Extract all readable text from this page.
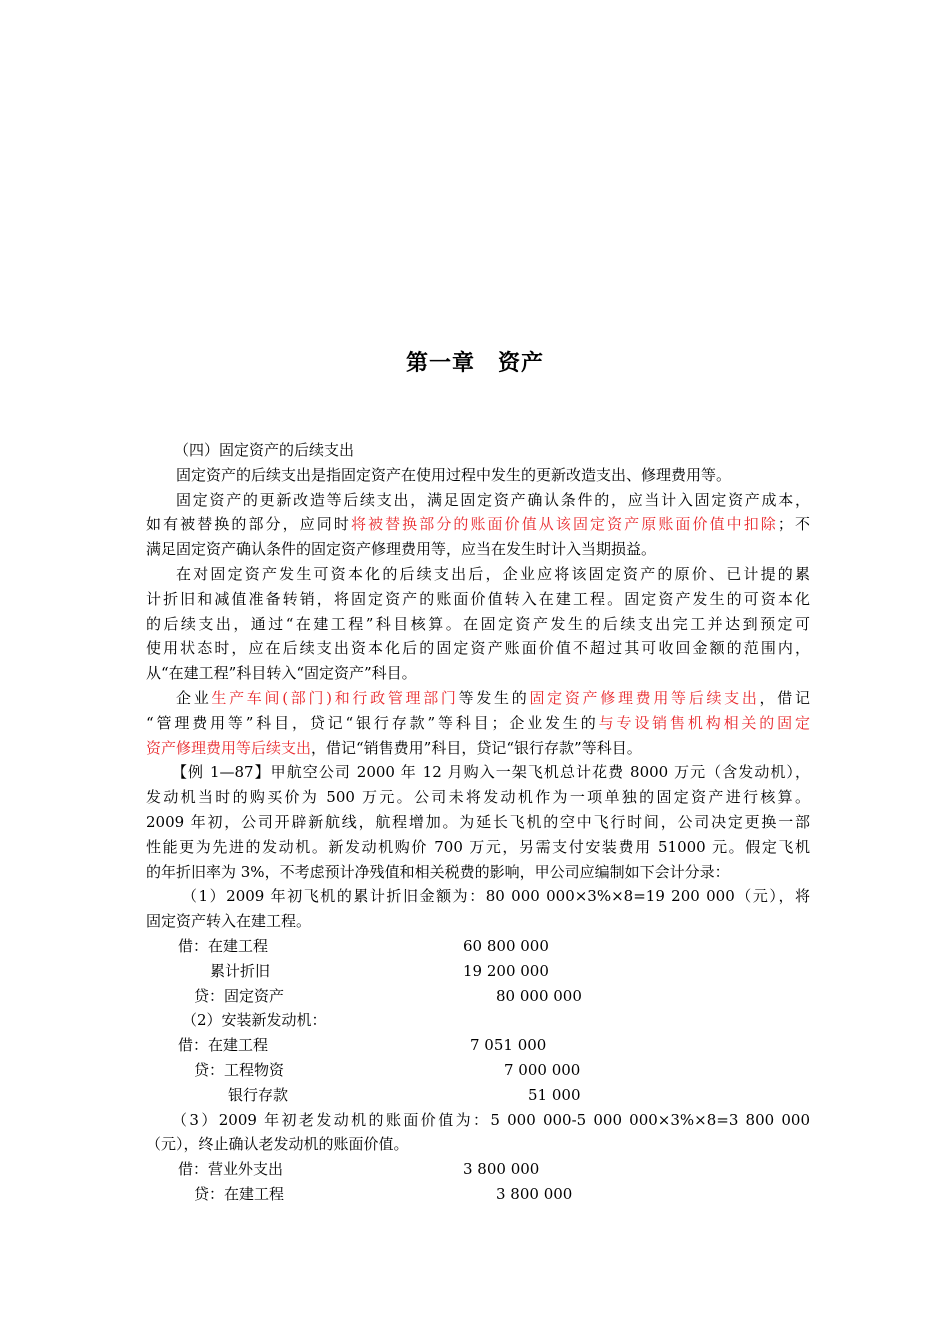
第一章　资产
（四）固定资产的后续支出
固定资产的后续支出是指固定资产在使用过程中发生的更新改造支出、修理费用等。
固定资产的更新改造等后续支出，满足固定资产确认条件的，应当计入固定资产成本，
如有被替换的部分，应同时将被替换部分的账面价值从该固定资产原账面价值中扣除；不
满足固定资产确认条件的固定资产修理费用等，应当在发生时计入当期损益。
在对固定资产发生可资本化的后续支出后，企业应将该固定资产的原价、已计提的累
计折旧和减值准备转销，将固定资产的账面价值转入在建工程。固定资产发生的可资本化
的后续支出，通过“在建工程”科目核算。在固定资产发生的后续支出完工并达到预定可
使用状态时，应在后续支出资本化后的固定资产账面价值不超过其可收回金额的范围内，
从“在建工程”科目转入“固定资产”科目。
企业生产车间(部门)和行政管理部门等发生的固定资产修理费用等后续支出，借记
“管理费用等”科目，贷记“银行存款”等科目；企业发生的与专设销售机构相关的固定
资产修理费用等后续支出，借记“销售费用”科目，贷记“银行存款”等科目。
【例 1—87】甲航空公司 2000 年 12 月购入一架飞机总计花费 8000 万元（含发动机），
发动机当时的购买价为 500 万元。公司未将发动机作为一项单独的固定资产进行核算。
2009 年初，公司开辟新航线，航程增加。为延长飞机的空中飞行时间，公司决定更换一部
性能更为先进的发动机。新发动机购价 700 万元，另需支付安装费用 51000 元。假定飞机
的年折旧率为 3%，不考虑预计净残值和相关税费的影响，甲公司应编制如下会计分录：
（1）2009 年初飞机的累计折旧金额为：80 000 000×3%×8=19 200 000（元），将
固定资产转入在建工程。
借：在建工程	60 800 000
累计折旧	19 200 000
贷：固定资产	80 000 000
（2）安装新发动机：
借：在建工程	7 051 000
贷：工程物资	7 000 000
银行存款	51 000
（3）2009 年初老发动机的账面价值为：5 000 000-5 000 000×3%×8=3 800 000
（元），终止确认老发动机的账面价值。
借：营业外支出	3 800 000
贷：在建工程	3 800 000
